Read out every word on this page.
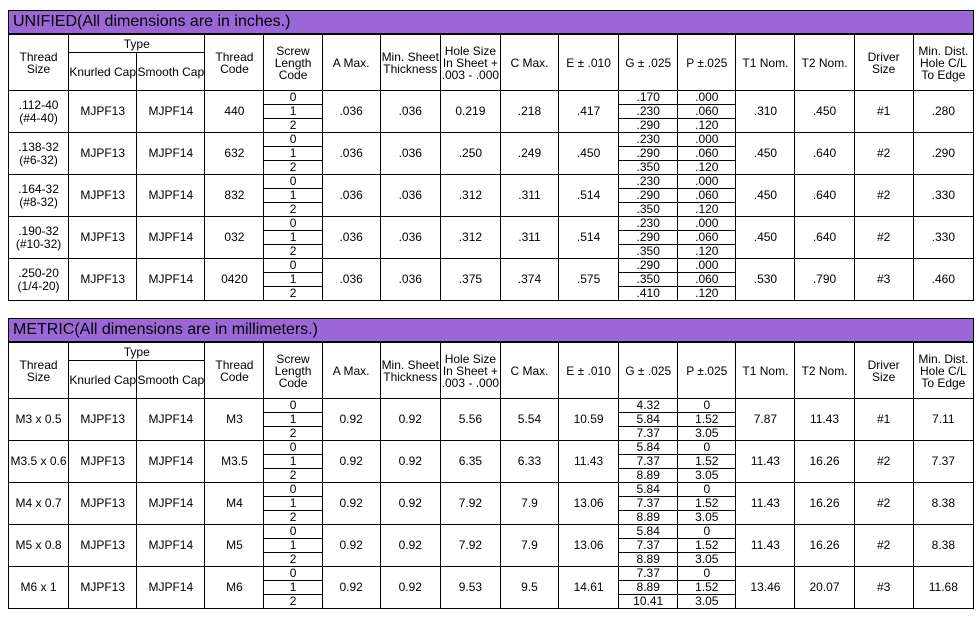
UNIFIED(All dimensions are in inches.)
Thread Size	Type		Thread Code	Screw Length Code	A Max.	Min. Sheet Thickness	Hole Size In Sheet + .003 - .000	C Max.	E ± .010	G ± .025	P ±.025	T1 Nom.	T2 Nom.	Driver Size	Min. Dist. Hole C/L To Edge
	Knurled Cap	Smooth Cap													
.112-40 (#4-40)	MJPF13	MJPF14	440	0	.036	.036	0.219	.218	.417	.170	.000	.310	.450	#1	.280
				1						.230	.060				
				2						.290	.120				
.138-32 (#6-32)	MJPF13	MJPF14	632	0	.036	.036	.250	.249	.450	.230	.000	.450	.640	#2	.290
				1						.290	.060				
				2						.350	.120				
.164-32 (#8-32)	MJPF13	MJPF14	832	0	.036	.036	.312	.311	.514	.230	.000	.450	.640	#2	.330
				1						.290	.060				
				2						.350	.120				
.190-32 (#10-32)	MJPF13	MJPF14	032	0	.036	.036	.312	.311	.514	.230	.000	.450	.640	#2	.330
				1						.290	.060				
				2						.350	.120				
.250-20 (1/4-20)	MJPF13	MJPF14	0420	0	.036	.036	.375	.374	.575	.290	.000	.530	.790	#3	.460
				1						.350	.060				
				2						.410	.120				
METRIC(All dimensions are in millimeters.)
Thread Size	Type		Thread Code	Screw Length Code	A Max.	Min. Sheet Thickness	Hole Size In Sheet + .003 - .000	C Max.	E ± .010	G ± .025	P ±.025	T1 Nom.	T2 Nom.	Driver Size	Min. Dist. Hole C/L To Edge
	Knurled Cap	Smooth Cap													
M3 x 0.5	MJPF13	MJPF14	M3	0	0.92	0.92	5.56	5.54	10.59	4.32	0	7.87	11.43	#1	7.11
				1						5.84	1.52				
				2						7.37	3.05				
M3.5 x 0.6	MJPF13	MJPF14	M3.5	0	0.92	0.92	6.35	6.33	11.43	5.84	0	11.43	16.26	#2	7.37
				1						7.37	1.52				
				2						8.89	3.05				
M4 x 0.7	MJPF13	MJPF14	M4	0	0.92	0.92	7.92	7.9	13.06	5.84	0	11.43	16.26	#2	8.38
				1						7.37	1.52				
				2						8.89	3.05				
M5 x 0.8	MJPF13	MJPF14	M5	0	0.92	0.92	7.92	7.9	13.06	5.84	0	11.43	16.26	#2	8.38
				1						7.37	1.52				
				2						8.89	3.05				
M6 x 1	MJPF13	MJPF14	M6	0	0.92	0.92	9.53	9.5	14.61	7.37	0	13.46	20.07	#3	11.68
				1						8.89	1.52				
				2						10.41	3.05				
